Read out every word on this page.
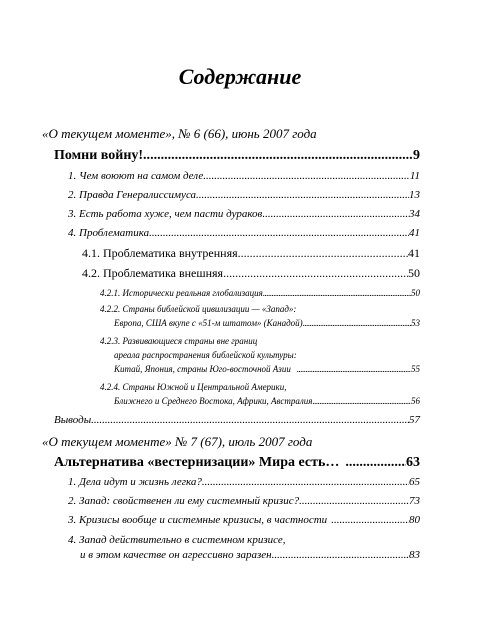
Содержание
«О текущем моменте», № 6 (66), июнь 2007 года
Помни войну!.. .....	9
1. Чем воюют на самом деле .....	11
2. Правда Генералиссимуса .....	13
3. Есть работа хуже, чем пасти дураков .....	34
4. Проблематика .....	41
4.1. Проблематика внутренняя .....	41
4.2. Проблематика внешняя .....	50
4.2.1. Исторически реальная глобализация .....	50
4.2.2. Страны библейской цивилизации — «Запад»:
Европа, США вкупе с «51-м штатом» (Канадой) .....	53
4.2.3. Развивающиеся страны вне границ
ареала распространения библейской культуры:
Китай, Япония, страны Юго-восточной Азии .....	55
4.2.4. Страны Южной и Центральной Америки,
Ближнего и Среднего Востока, Африки, Австралия .....	56
Выводы .....	57
«О текущем моменте» № 7 (67), июль 2007 года
Альтернатива «вестернизации» Мира есть… .....	63
1. Дела идут и жизнь легка? .....	65
2. Запад: свойственен ли ему системный кризис? .....	73
3. Кризисы вообще и системные кризисы, в частности .....	80
4. Запад действительно в системном кризисе,
и в этом качестве он агрессивно заразен .....	83
